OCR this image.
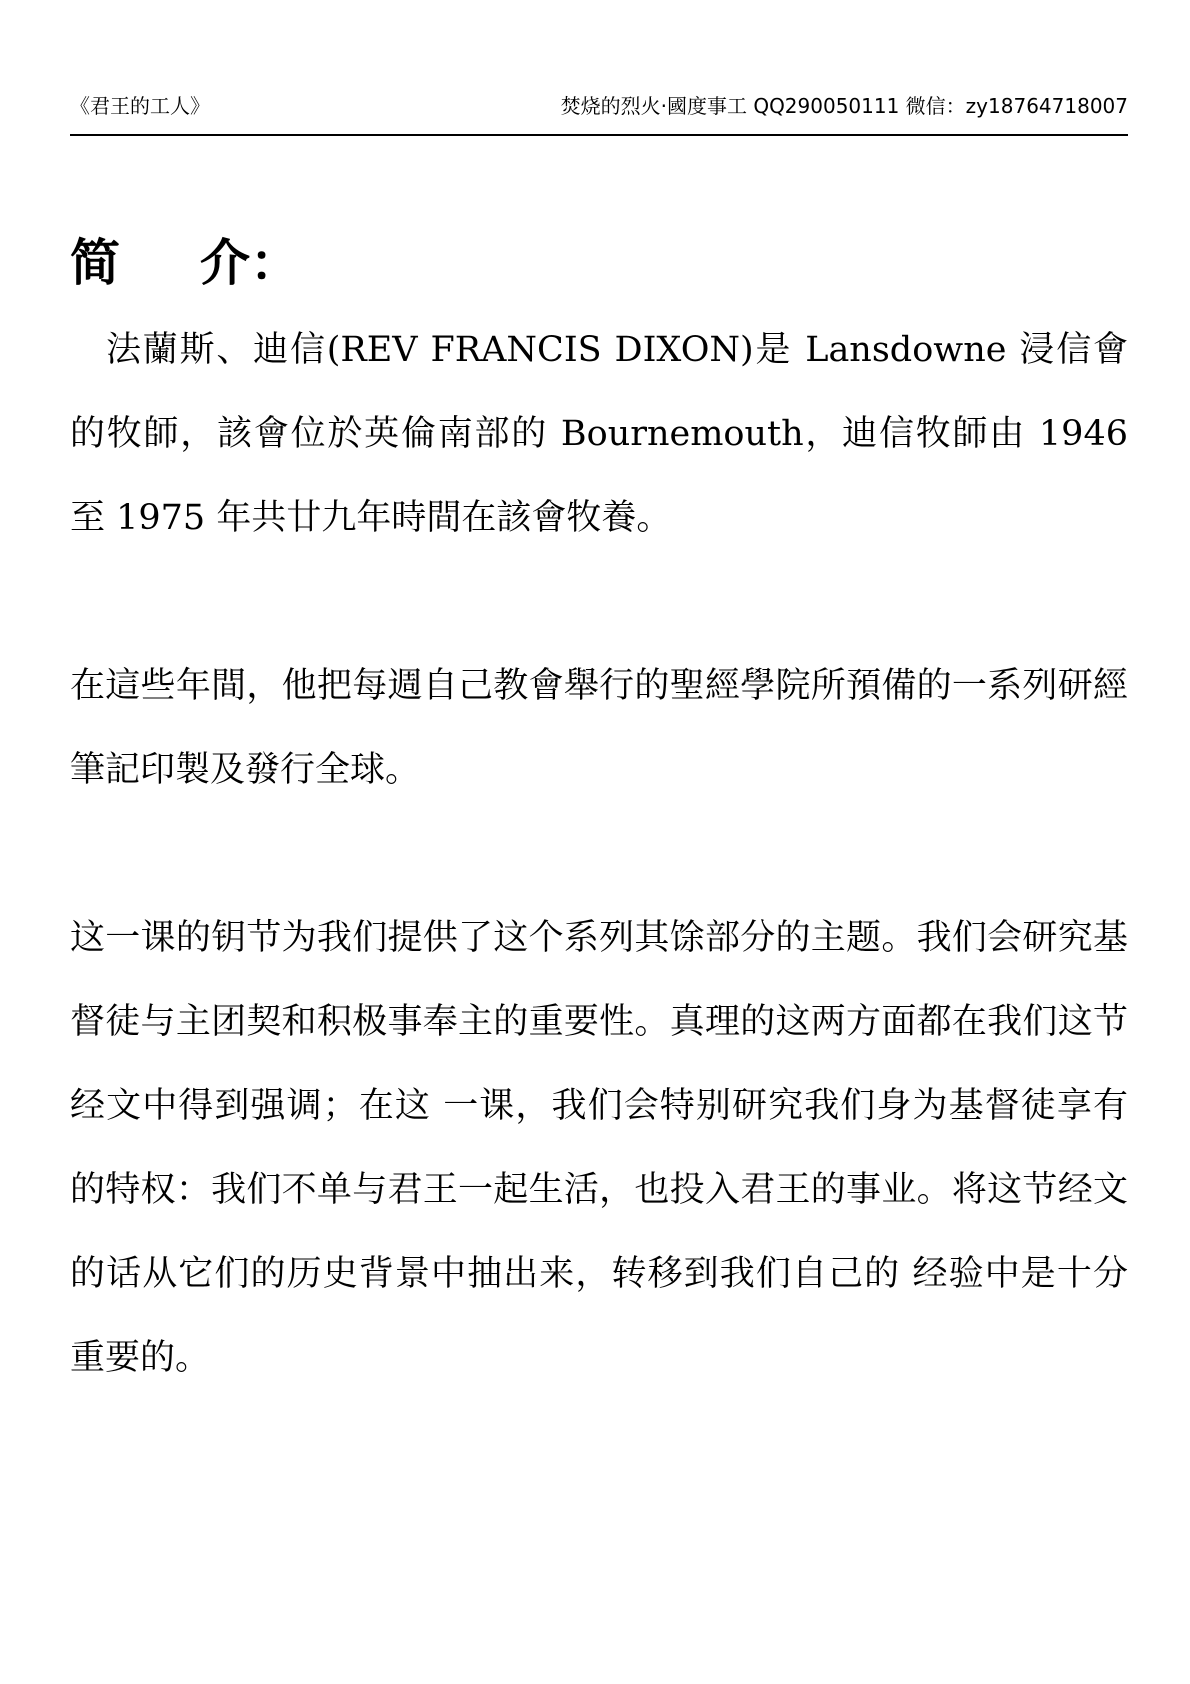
《君王的工人》	焚烧的烈火·國度事工 QQ290050111 微信：zy18764718007
简 介：

法蘭斯、迪信(REV FRANCIS DIXON)是 Lansdowne 浸信會的牧師，該會位於英倫南部的 Bournemouth，迪信牧師由 1946 至 1975 年共廿九年時間在該會牧養。

在這些年間，他把每週自己教會舉行的聖經學院所預備的一系列研經筆記印製及發行全球。

这一课的钥节为我们提供了这个系列其馀部分的主题。我们会研究基督徒与主团契和积极事奉主的重要性。真理的这两方面都在我们这节经文中得到强调；在这 一课，我们会特别研究我们身为基督徒享有的特权：我们不单与君王一起生活，也投入君王的事业。将这节经文的话从它们的历史背景中抽出来，转移到我们自己的 经验中是十分重要的。
